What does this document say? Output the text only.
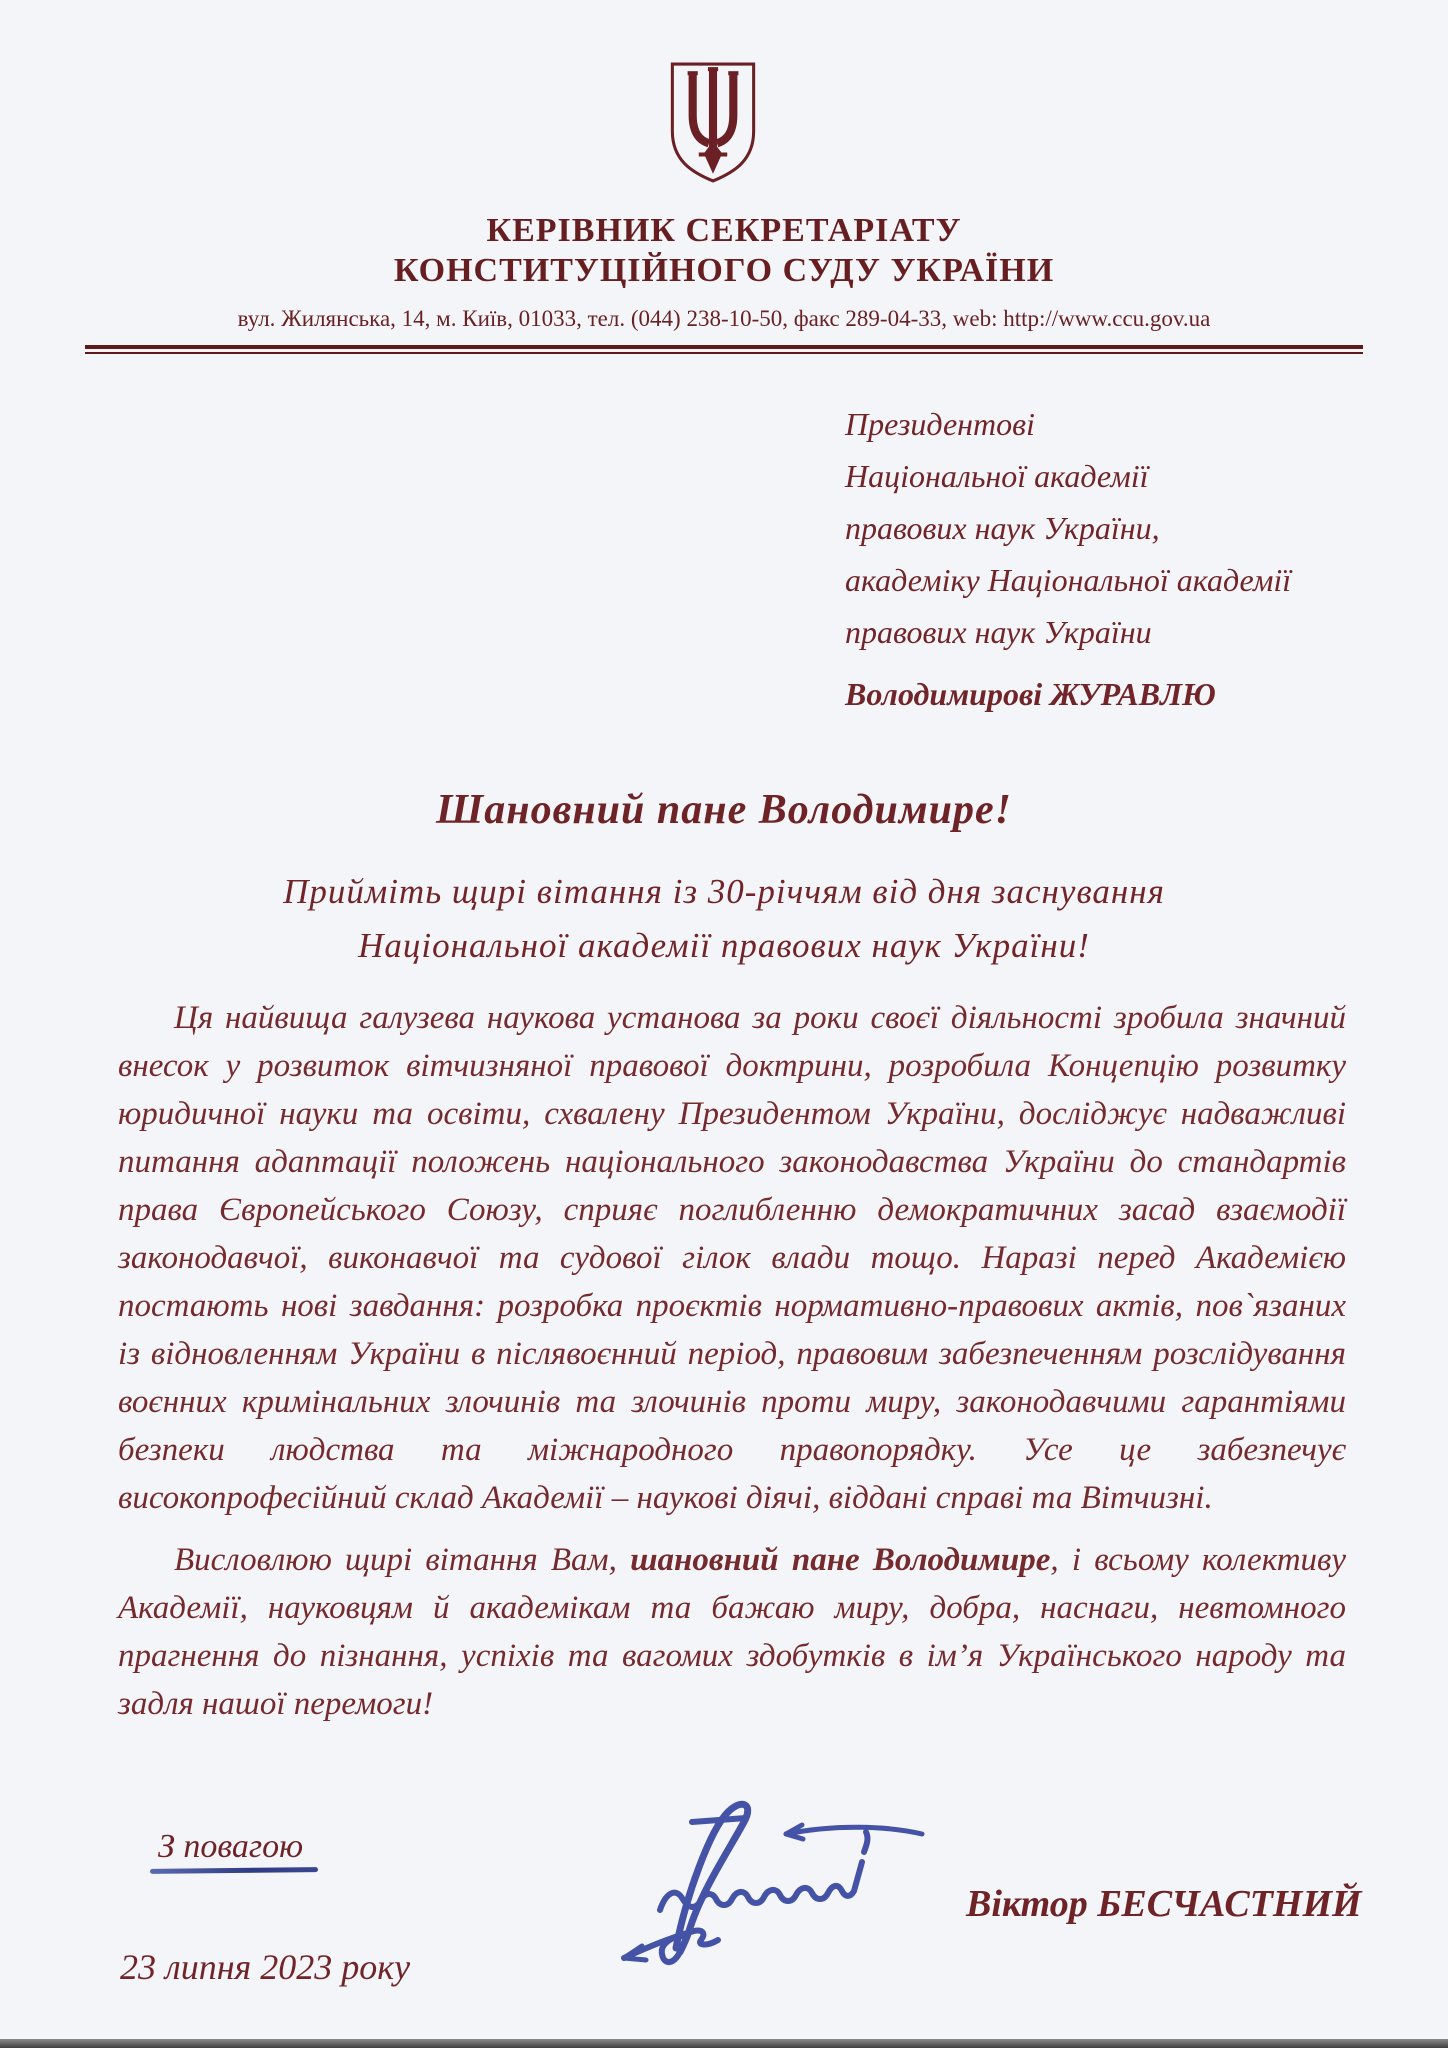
КЕРІВНИК СЕКРЕТАРІАТУ
КОНСТИТУЦІЙНОГО СУДУ УКРАЇНИ
вул. Жилянська, 14, м. Київ, 01033, тел. (044) 238-10-50, факс 289-04-33, web: http://www.ccu.gov.ua
Президентові
Національної академії
правових наук України,
академіку Національної академії
правових наук України
Володимирові ЖУРАВЛЮ
Шановний пане Володимире!
Прийміть щирі вітання із 30-річчям від дня заснування
Національної академії правових наук України!

Ця найвища галузева наукова установа за роки своєї діяльності зробила значний внесок у розвиток вітчизняної правової доктрини, розробила Концепцію розвитку юридичної науки та освіти, схвалену Президентом України, досліджує надважливі питання адаптації положень національного законодавства України до стандартів права Європейського Союзу, сприяє поглибленню демократичних засад взаємодії законодавчої, виконавчої та судової гілок влади тощо. Наразі перед Академією постають нові завдання: розробка проєктів нормативно-правових актів, пов`язаних із відновленням України в післявоєнний період, правовим забезпеченням розслідування воєнних кримінальних злочинів та злочинів проти миру, законодавчими гарантіями безпеки людства та міжнародного правопорядку. Усе це забезпечує високопрофесійний склад Академії – наукові діячі, віддані справі та Вітчизні.

Висловлюю щирі вітання Вам, шановний пане Володимире, і всьому колективу Академії, науковцям й академікам та бажаю миру, добра, наснаги, невтомного прагнення до пізнання, успіхів та вагомих здобутків в ім’я Українського народу та задля нашої перемоги!

З повагою
Віктор БЕСЧАСТНИЙ
23 липня 2023 року
